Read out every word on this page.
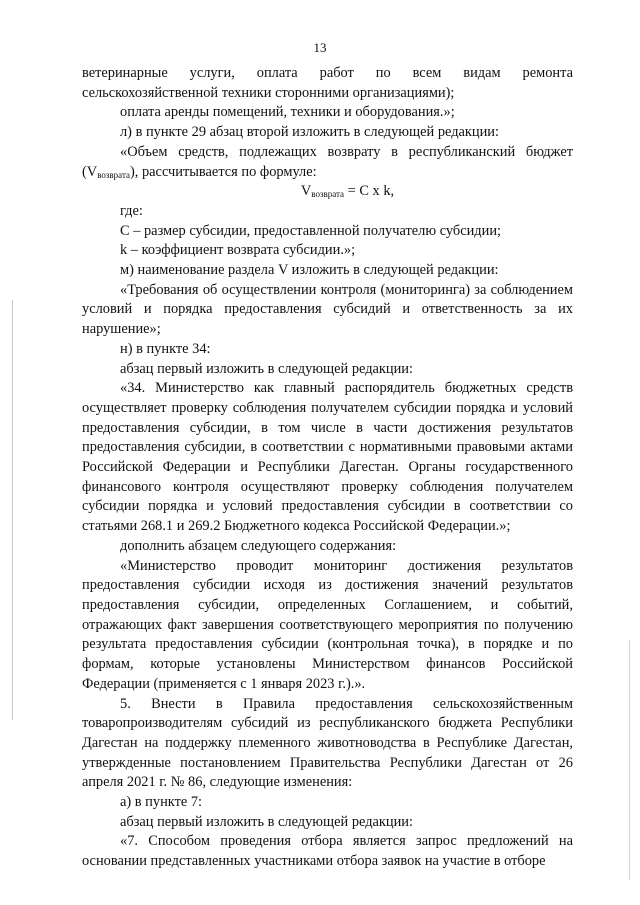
13

ветеринарные услуги, оплата работ по всем видам ремонта сельскохозяйственной техники сторонними организациями);

оплата аренды помещений, техники и оборудования.»;

л) в пункте 29 абзац второй изложить в следующей редакции:

«Объем средств, подлежащих возврату в республиканский бюджет $(V_{возврата})$, рассчитывается по формуле:

$V_{возврата} = C$ x k,

где:

С – размер субсидии, предоставленной получателю субсидии;

k – коэффициент возврата субсидии.»;

м) наименование раздела V изложить в следующей редакции:

«Требования об осуществлении контроля (мониторинга) за соблюдением условий и порядка предоставления субсидий и ответственность за их нарушение»;

н) в пункте 34:

абзац первый изложить в следующей редакции:

«34. Министерство как главный распорядитель бюджетных средств осуществляет проверку соблюдения получателем субсидии порядка и условий предоставления субсидии, в том числе в части достижения результатов предоставления субсидии, в соответствии с нормативными правовыми актами Российской Федерации и Республики Дагестан. Органы государственного финансового контроля осуществляют проверку соблюдения получателем субсидии порядка и условий предоставления субсидии в соответствии со статьями 268.1 и 269.2 Бюджетного кодекса Российской Федерации.»;

дополнить абзацем следующего содержания:

«Министерство проводит мониторинг достижения результатов предоставления субсидии исходя из достижения значений результатов предоставления субсидии, определенных Соглашением, и событий, отражающих факт завершения соответствующего мероприятия по получению результата предоставления субсидии (контрольная точка), в порядке и по формам, которые установлены Министерством финансов Российской Федерации (применяется с 1 января 2023 г.).».

5. Внести в Правила предоставления сельскохозяйственным товаропроизводителям субсидий из республиканского бюджета Республики Дагестан на поддержку племенного животноводства в Республике Дагестан, утвержденные постановлением Правительства Республики Дагестан от 26 апреля 2021 г. № 86, следующие изменения:

а) в пункте 7:

абзац первый изложить в следующей редакции:

«7. Способом проведения отбора является запрос предложений на основании представленных участниками отбора заявок на участие в отборе
